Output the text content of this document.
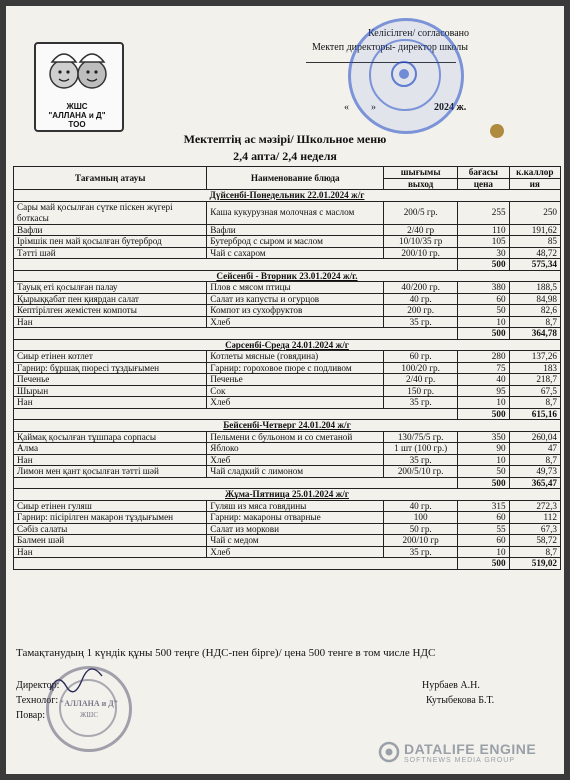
ЖШС
"АЛЛАНА и Д"
ТОО
Келісілген/ согласовано
Мектеп директоры- директор школы
« »	2024 ж.
Мектептің ас мәзірі/ Школьное меню
2,4 апта/ 2,4 неделя
Тағамның атауы	Наименование блюда	шығымы	бағасы	к.каллор
		выход	цена	ия
Дүйсенбі-Понедельник 22.01.2024 ж/г				
Сары май қосылған сүтке піскен жүгері боткасы	Каша кукурузная молочная с маслом	200/5 гр.	255	250
Вафли	Вафли	2/40 гр	110	191,62
Ірімшік пен май қосылған бутерброд	Бутерброд с сыром и маслом	10/10/35 гр	105	85
Тәтті шәй	Чай с сахаром	200/10 гр.	30	48,72
			500	575,34
Сейсенбі - Вторник 23.01.2024 ж/г.				
Тауық еті қосылған палау	Плов с мясом птицы	40/200 гр.	380	188,5
Қырыққабат пен қиярдан салат	Салат из капусты и огурцов	40 гр.	60	84,98
Кептірілген жемістен компоты	Компот из сухофруктов	200 гр.	50	82,6
Нан	Хлеб	35 гр.	10	8,7
			500	364,78
Сәрсенбі-Среда 24.01.2024 ж/г				
Сиыр етінен котлет	Котлеты мясные (говядина)	60 гр.	280	137,26
Гарнир: бұршақ пюресі тұздығымен	Гарнир: гороховое пюре с подливом	100/20 гр.	75	183
Печенье	Печенье	2/40 гр.	40	218,7
Шырын	Сок	150 гр.	95	67,5
Нан	Хлеб	35 гр.	10	8,7
			500	615,16
Бейсенбі-Четверг 24.01.204 ж/г				
Қаймақ қосылған тұшпара сорпасы	Пельмени с бульоном и со сметаной	130/75/5 гр.	350	260,04
Алма	Яблоко	1 шт (100 гр.)	90	47
Нан	Хлеб	35 гр.	10	8,7
Лимон мен қант қосылған тәтті шәй	Чай сладкий с лимоном	200/5/10 гр.	50	49,73
			500	365,47
Жұма-Пятница 25.01.2024 ж/г				
Сиыр етінен гуляш	Гуляш из мяса говядины	40 гр.	315	272,3
Гарнир: пісірілген макарон тұздығымен	Гарнир: макароны отварные	100	60	112
Сәбіз салаты	Салат из моркови	50 гр.	55	67,3
Балмен шәй	Чай с медом	200/10 гр	60	58,72
Нан	Хлеб	35 гр.	10	8,7
			500	519,02
Тамақтанудың 1 күндік құны 500 теңге (НДС-пен бірге)/ цена 500 тенге в том числе НДС
Директор:
Технолог:
Повар:
Нурбаев А.Н.
Кутыбекова Б.Т.
"АЛЛАНА и Д"
ЖШС
DATALIFE ENGINE
SOFTNEWS MEDIA GROUP
